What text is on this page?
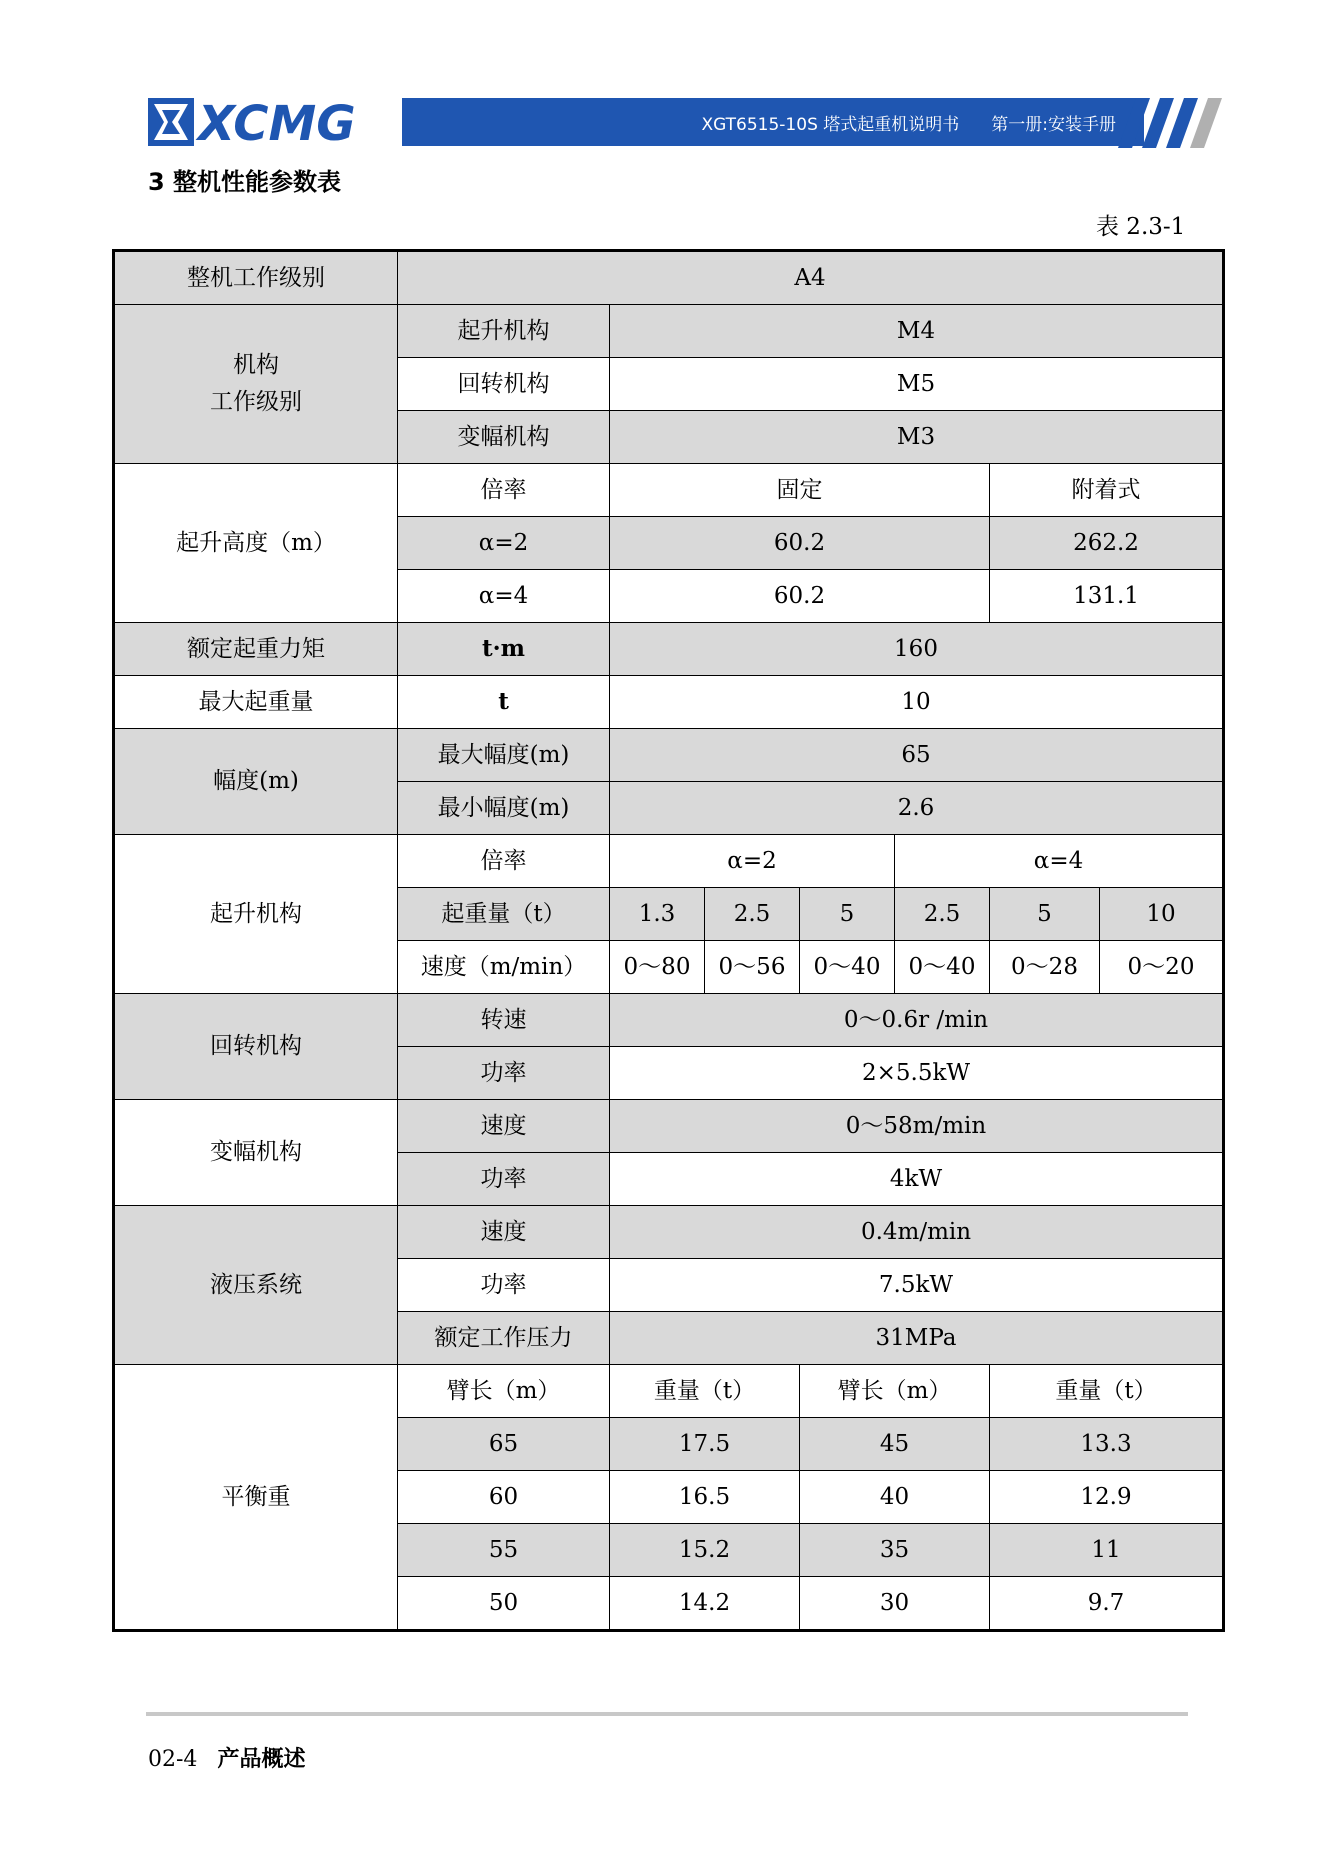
XCMG	XGT6515-10S 塔式起重机说明书 第一册:安装手册
3 整机性能参数表
表 2.3-1
整机工作级别	A4						
机构
工作级别	起升机构	M4					
	回转机构	M5					
	变幅机构	M3					
起升高度（m）	倍率	固定				附着式	
	α=2	60.2				262.2	
	α=4	60.2				131.1	
额定起重力矩	t·m	160					
最大起重量	t	10					
幅度(m)	最大幅度(m)	65					
	最小幅度(m)	2.6					
起升机构	倍率	α=2			α=4		
	起重量（t）	1.3	2.5	5	2.5	5	10
	速度（m/min）	0～80	0～56	0～40	0～40	0～28	0～20
回转机构	转速	0～0.6r /min					
	功率	2×5.5kW					
变幅机构	速度	0～58m/min					
	功率	4kW					
液压系统	速度	0.4m/min					
	功率	7.5kW					
	额定工作压力	31MPa					
平衡重	臂长（m）	重量（t）		臂长（m）		重量（t）	
	65	17.5		45		13.3	
	60	16.5		40		12.9	
	55	15.2		35		11	
	50	14.2		30		9.7	
02-4 产品概述
